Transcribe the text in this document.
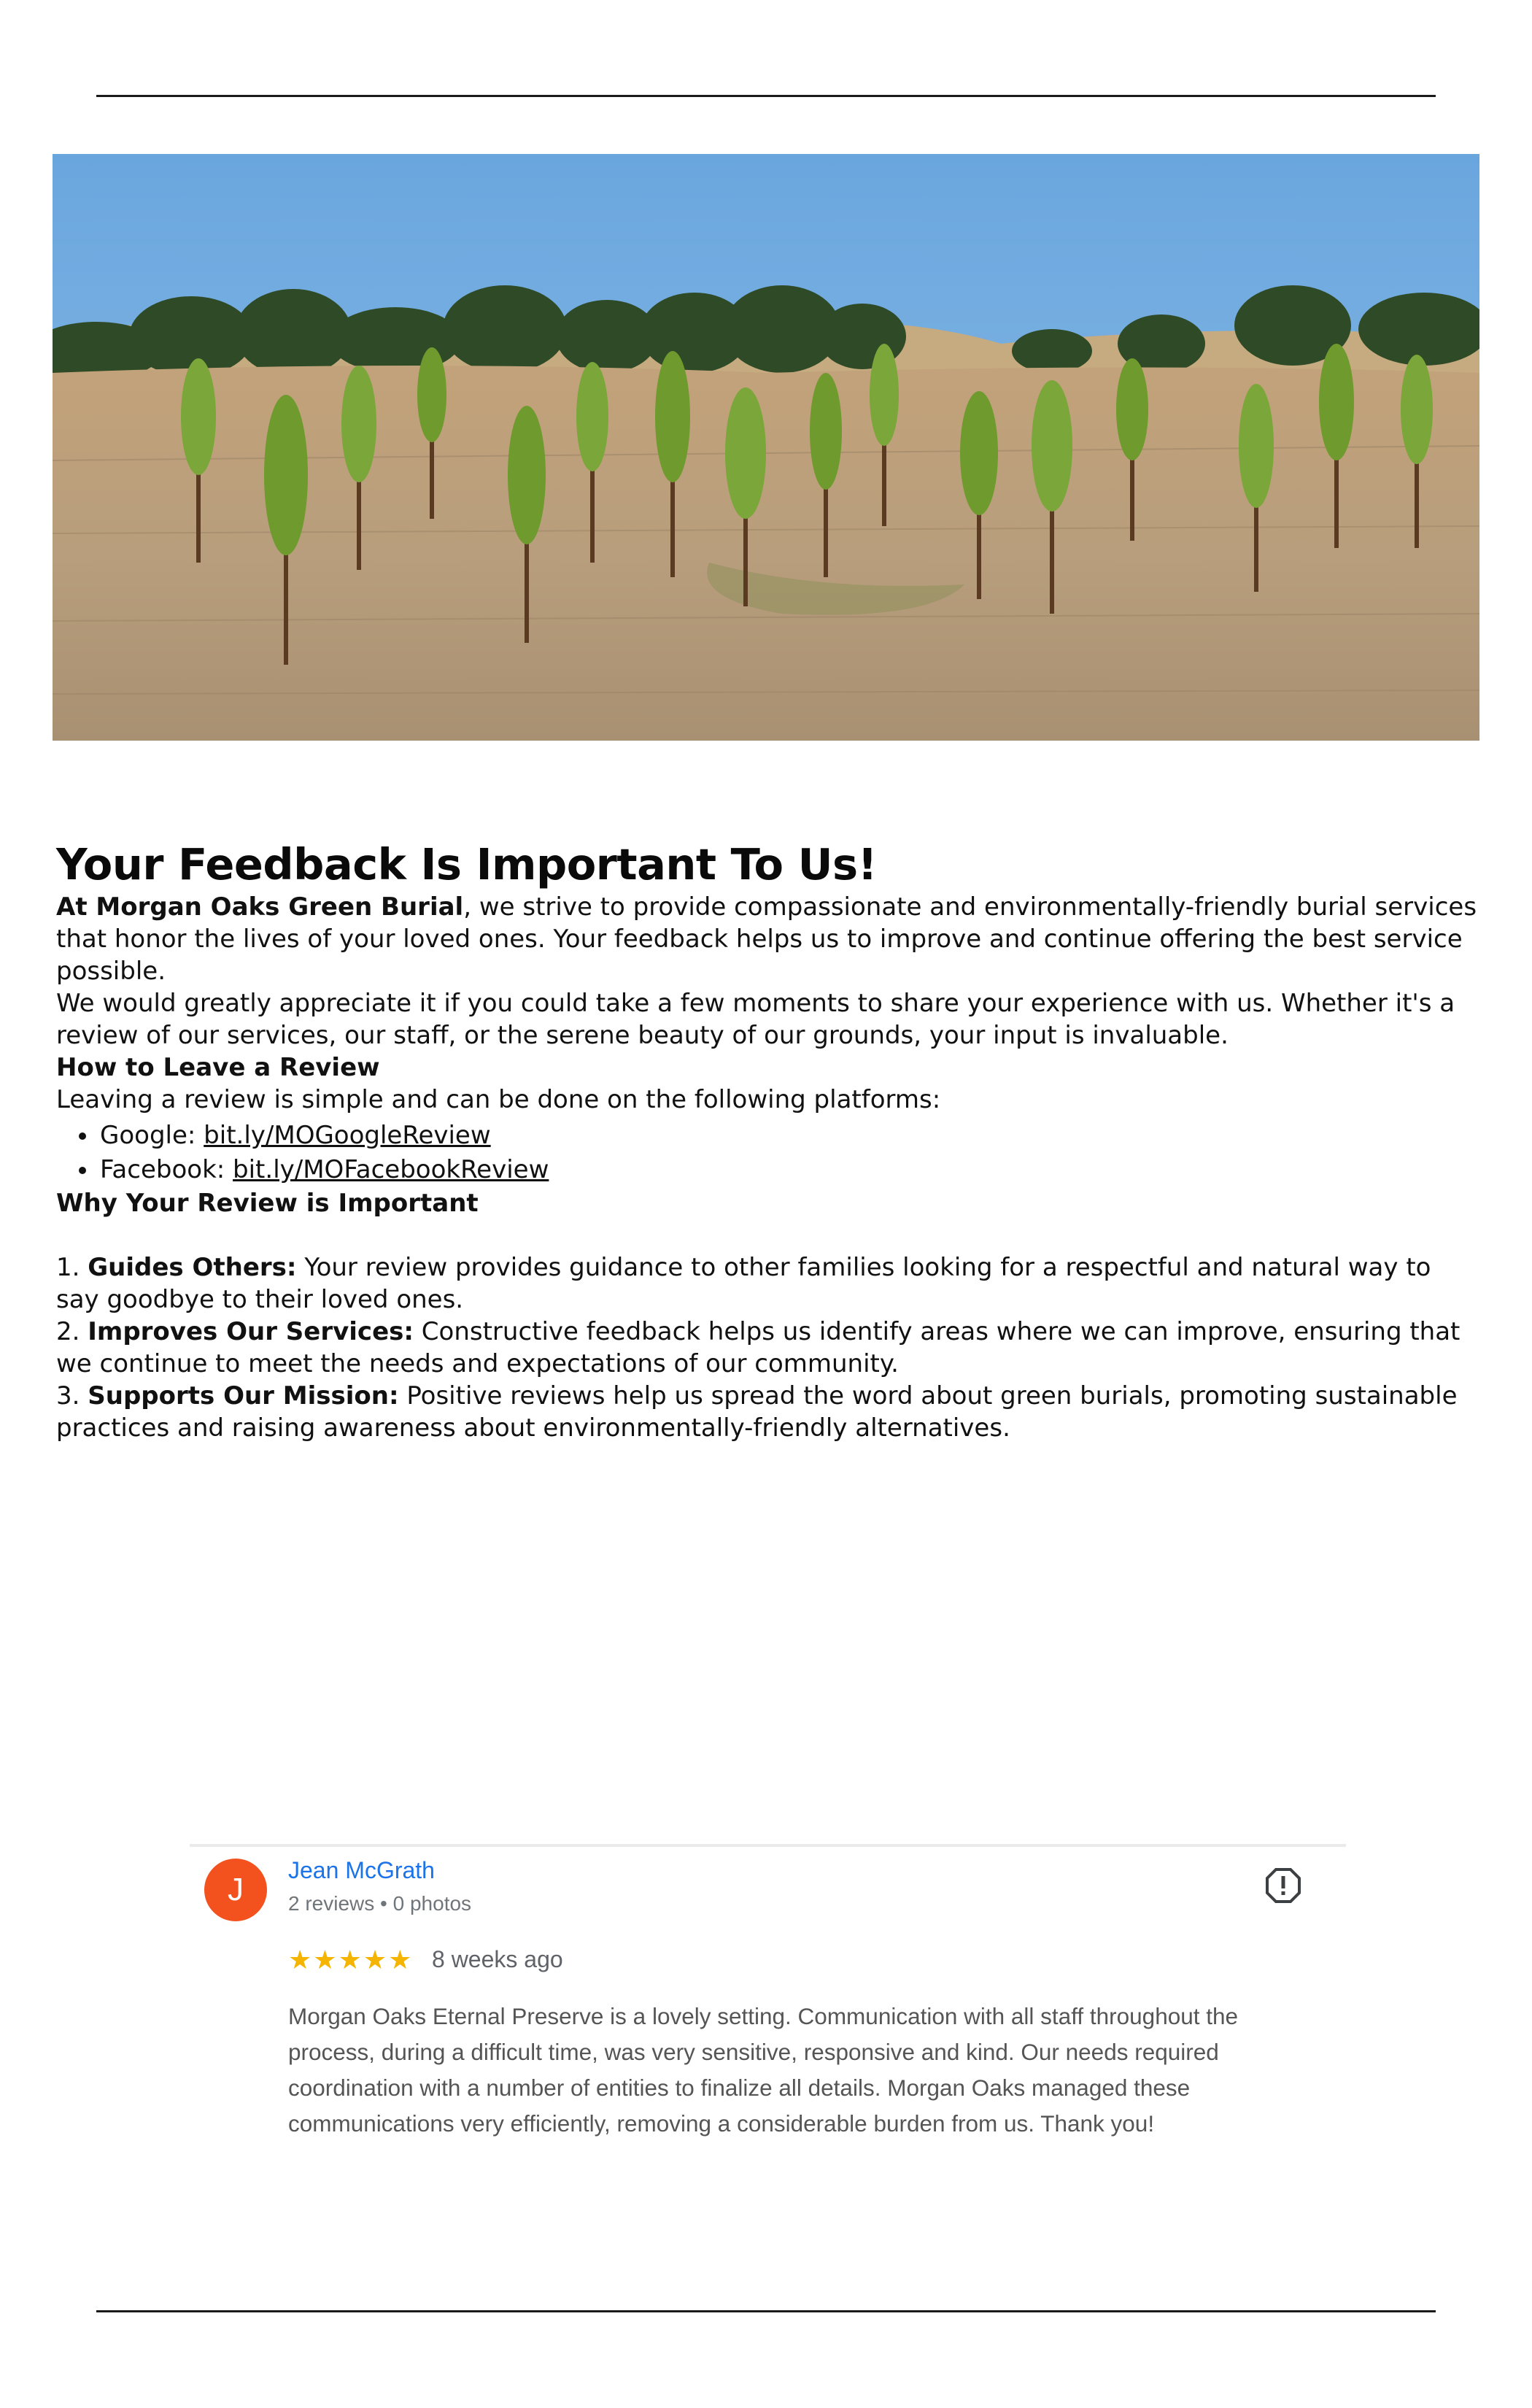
Your Feedback Is Important To Us!

At Morgan Oaks Green Burial, we strive to provide compassionate and environmentally-friendly burial services that honor the lives of your loved ones. Your feedback helps us to improve and continue offering the best service possible.

We would greatly appreciate it if you could take a few moments to share your experience with us. Whether it's a review of our services, our staff, or the serene beauty of our grounds, your input is invaluable.

How to Leave a Review

Leaving a review is simple and can be done on the following platforms:

• Google: bit.ly/MOGoogleReview
• Facebook: bit.ly/MOFacebookReview
Why Your Review is Important
1. Guides Others: Your review provides guidance to other families looking for a respectful and natural way to say goodbye to their loved ones.
2. Improves Our Services: Constructive feedback helps us identify areas where we can improve, ensuring that we continue to meet the needs and expectations of our community.
3. Supports Our Mission: Positive reviews help us spread the word about green burials, promoting sustainable practices and raising awareness about environmentally-friendly alternatives.
J
Jean McGrath
2 reviews • 0 photos
★★★★★ 8 weeks ago

Morgan Oaks Eternal Preserve is a lovely setting. Communication with all staff throughout the process, during a difficult time, was very sensitive, responsive and kind. Our needs required coordination with a number of entities to finalize all details. Morgan Oaks managed these communications very efficiently, removing a considerable burden from us. Thank you!
